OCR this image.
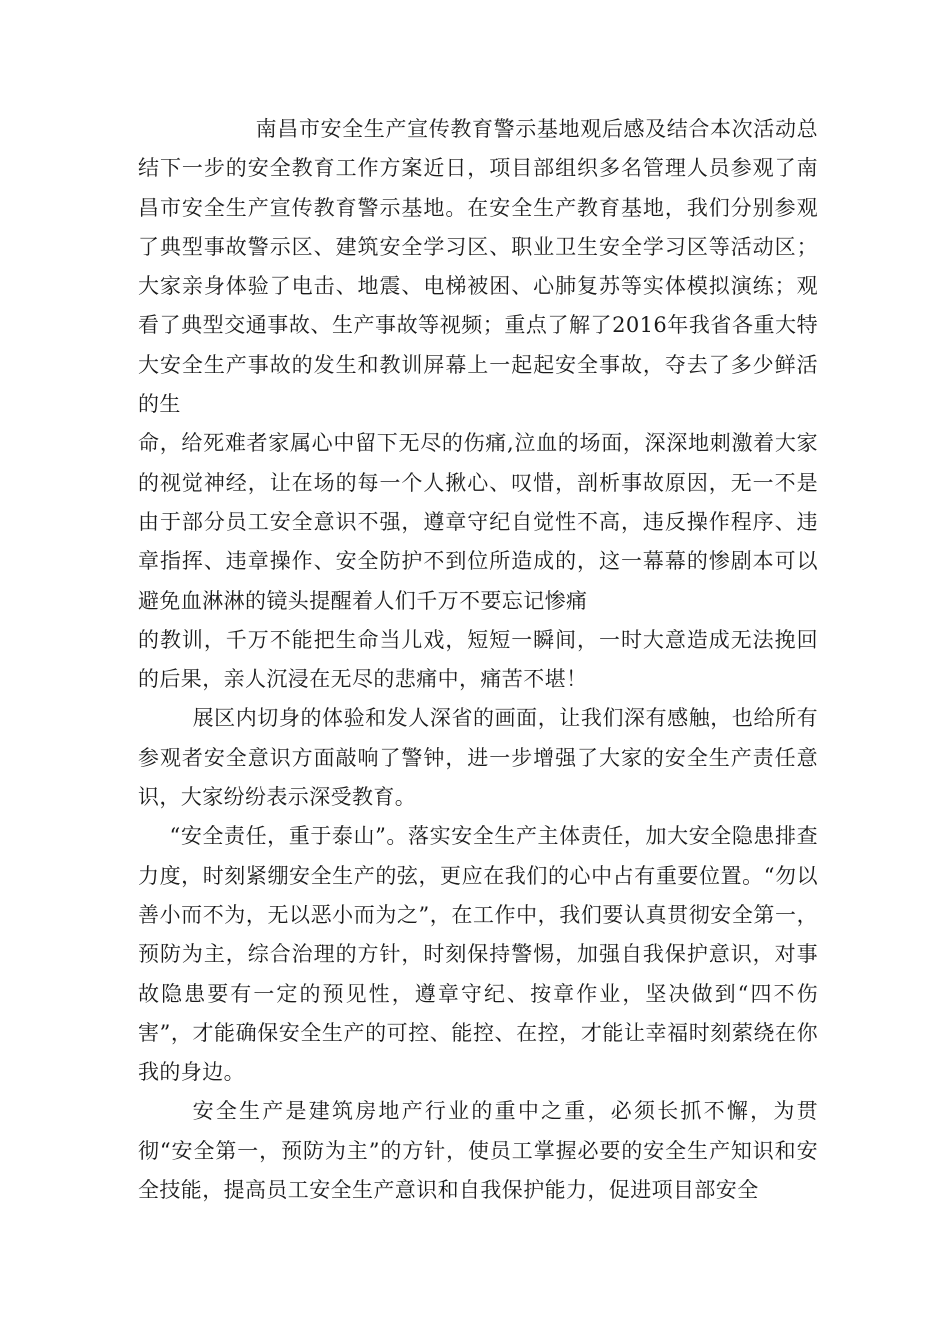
南昌市安全生产宣传教育警示基地观后感及结合本次活动总结下一步的安全教育工作方案近日，项目部组织多名管理人员参观了南昌市安全生产宣传教育警示基地。在安全生产教育基地，我们分别参观了典型事故警示区、建筑安全学习区、职业卫生安全学习区等活动区；大家亲身体验了电击、地震、电梯被困、心肺复苏等实体模拟演练；观看了典型交通事故、生产事故等视频；重点了解了2016年我省各重大特大安全生产事故的发生和教训屏幕上一起起安全事故，夺去了多少鲜活的生

命，给死难者家属心中留下无尽的伤痛,泣血的场面，深深地刺激着大家的视觉神经，让在场的每一个人揪心、叹惜，剖析事故原因，无一不是由于部分员工安全意识不强，遵章守纪自觉性不高，违反操作程序、违章指挥、违章操作、安全防护不到位所造成的，这一幕幕的惨剧本可以避免血淋淋的镜头提醒着人们千万不要忘记惨痛

的教训，千万不能把生命当儿戏，短短一瞬间，一时大意造成无法挽回的后果，亲人沉浸在无尽的悲痛中，痛苦不堪！

展区内切身的体验和发人深省的画面，让我们深有感触，也给所有参观者安全意识方面敲响了警钟，进一步增强了大家的安全生产责任意识，大家纷纷表示深受教育。

“安全责任，重于泰山”。落实安全生产主体责任，加大安全隐患排查力度，时刻紧绷安全生产的弦，更应在我们的心中占有重要位置。“勿以善小而不为，无以恶小而为之”，在工作中，我们要认真贯彻安全第一，预防为主，综合治理的方针，时刻保持警惕，加强自我保护意识，对事故隐患要有一定的预见性，遵章守纪、按章作业，坚决做到“四不伤害”，才能确保安全生产的可控、能控、在控，才能让幸福时刻萦绕在你我的身边。

安全生产是建筑房地产行业的重中之重，必须长抓不懈，为贯彻“安全第一，预防为主”的方针，使员工掌握必要的安全生产知识和安全技能，提高员工安全生产意识和自我保护能力，促进项目部安全
